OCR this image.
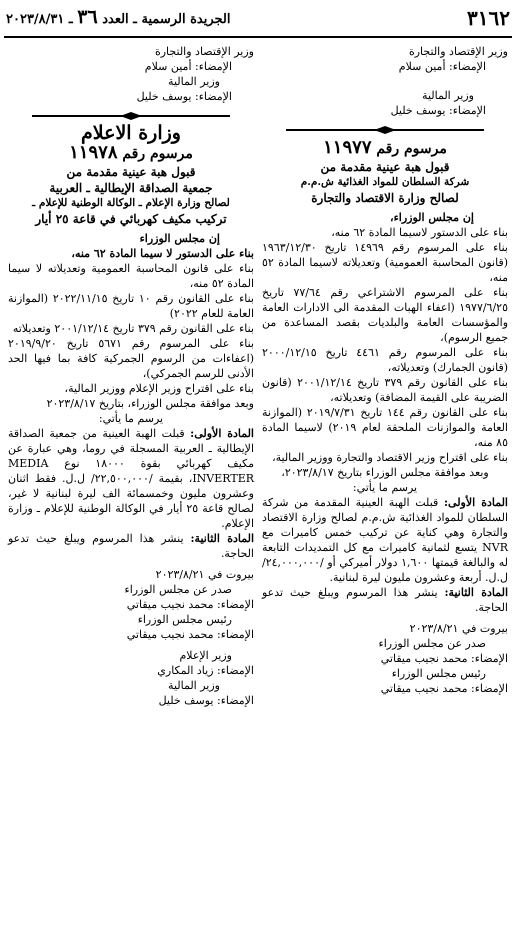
٣١٦٢
الجريدة الرسمية ـ العدد ٣٦ ـ ٢٠٢٣/٨/٣١
وزير الإقتصاد والتجارة
الإمضاء: أمين سلام
وزير المالية
الإمضاء: يوسف خليل
مرسوم رقم ١١٩٧٧
قبول هبة عينية مقدمة من
شركة السلطان للمواد الغذائية ش.م.م
لصالح وزارة الاقتصاد والتجارة
إن مجلس الوزراء،
بناء على الدستور لاسيما المادة ٦٢ منه،
بناء على المرسوم رقم ١٤٩٦٩ تاريخ ١٩٦٣/١٢/٣٠ (قانون المحاسبة العمومية) وتعديلاته لاسيما المادة ٥٢ منه،
بناء على المرسوم الاشتراعي رقم ٧٧/٦٤ تاريخ ١٩٧٧/٦/٢٥ (اعفاء الهبات المقدمة الى الادارات العامة والمؤسسات العامة والبلديات بقصد المساعدة من جميع الرسوم)،
بناء على المرسوم رقم ٤٤٦١ تاريخ ٢٠٠٠/١٢/١٥ (قانون الجمارك) وتعديلاته،
بناء على القانون رقم ٣٧٩ تاريخ ٢٠٠١/١٢/١٤ (قانون الضريبة على القيمة المضافة) وتعديلاته،
بناء على القانون رقم ١٤٤ تاريخ ٢٠١٩/٧/٣١ (الموازنة العامة والموازنات الملحقة لعام ٢٠١٩) لاسيما المادة ٨٥ منه،
بناء على اقتراح وزير الاقتصاد والتجارة ووزير المالية،
وبعد موافقة مجلس الوزراء بتاريخ ٢٠٢٣/٨/١٧،
يرسم ما يأتي:
المادة الأولى: قبلت الهبة العينية المقدمة من شركة السلطان للمواد الغذائية ش.م.م لصالح وزارة الاقتصاد والتجارة وهي كناية عن تركيب خمس كاميرات مع NVR يتسع لثمانية كاميرات مع كل التمديدات التابعة له والبالغة قيمتها ١,٦٠٠ دولار أميركي أو /٢٤,٠٠٠,٠٠٠/ ل.ل. أربعة وعشرون مليون ليرة لبنانية.
المادة الثانية: ينشر هذا المرسوم ويبلغ حيث تدعو الحاجة.
بيروت في ٢٠٢٣/٨/٢١
صدر عن مجلس الوزراء
الإمضاء: محمد نجيب ميقاتي
رئيس مجلس الوزراء
الإمضاء: محمد نجيب ميقاتي
وزير الإقتصاد والتجارة
الإمضاء: أمين سلام
وزير المالية
الإمضاء: يوسف خليل
وزارة الاعلام
مرسوم رقم ١١٩٧٨
قبول هبة عينية مقدمة من
جمعية الصداقة الإيطالية ـ العربية
لصالح وزارة الإعلام ـ الوكالة الوطنية للإعلام ـ
تركيب مكيف كهربائي في قاعة ٢٥ أيار
إن مجلس الوزراء
بناء على الدستور لا سيما المادة ٦٢ منه،
بناء على قانون المحاسبة العمومية وتعديلاته لا سيما المادة ٥٢ منه،
بناء على القانون رقم ١٠ تاريخ ٢٠٢٢/١١/١٥ (الموازنة العامة للعام ٢٠٢٢)
بناء على القانون رقم ٣٧٩ تاريخ ٢٠٠١/١٢/١٤ وتعديلاته
بناء على المرسوم رقم ٥٦٧١ تاريخ ٢٠١٩/٩/٢٠ (اعفاءات من الرسوم الجمركية كافة بما فيها الحد الأدنى للرسم الجمركي)،
بناء على اقتراح وزير الإعلام ووزير المالية،
وبعد موافقة مجلس الوزراء، بتاريخ ٢٠٢٣/٨/١٧
يرسم ما يأتي:
المادة الأولى: قبلت الهبة العينية من جمعية الصداقة الإيطالية ـ العربية المسجلة في روما، وهي عبارة عن مكيف كهربائي بقوة ١٨٠٠٠ نوع MEDIA INVERTER، بقيمة /٢٢,٥٠٠,٠٠٠/ ل.ل. فقط اثنان وعشرون مليون وخمسمائة الف ليرة لبنانية لا غير، لصالح قاعة ٢٥ أيار في الوكالة الوطنية للإعلام ـ وزارة الإعلام.
المادة الثانية: ينشر هذا المرسوم ويبلغ حيث تدعو الحاجة.
بيروت في ٢٠٢٣/٨/٢١
صدر عن مجلس الوزراء
الإمضاء: محمد نجيب ميقاتي
رئيس مجلس الوزراء
الإمضاء: محمد نجيب ميقاتي
وزير الإعلام
الإمضاء: زياد المكاري
وزير المالية
الإمضاء: يوسف خليل
